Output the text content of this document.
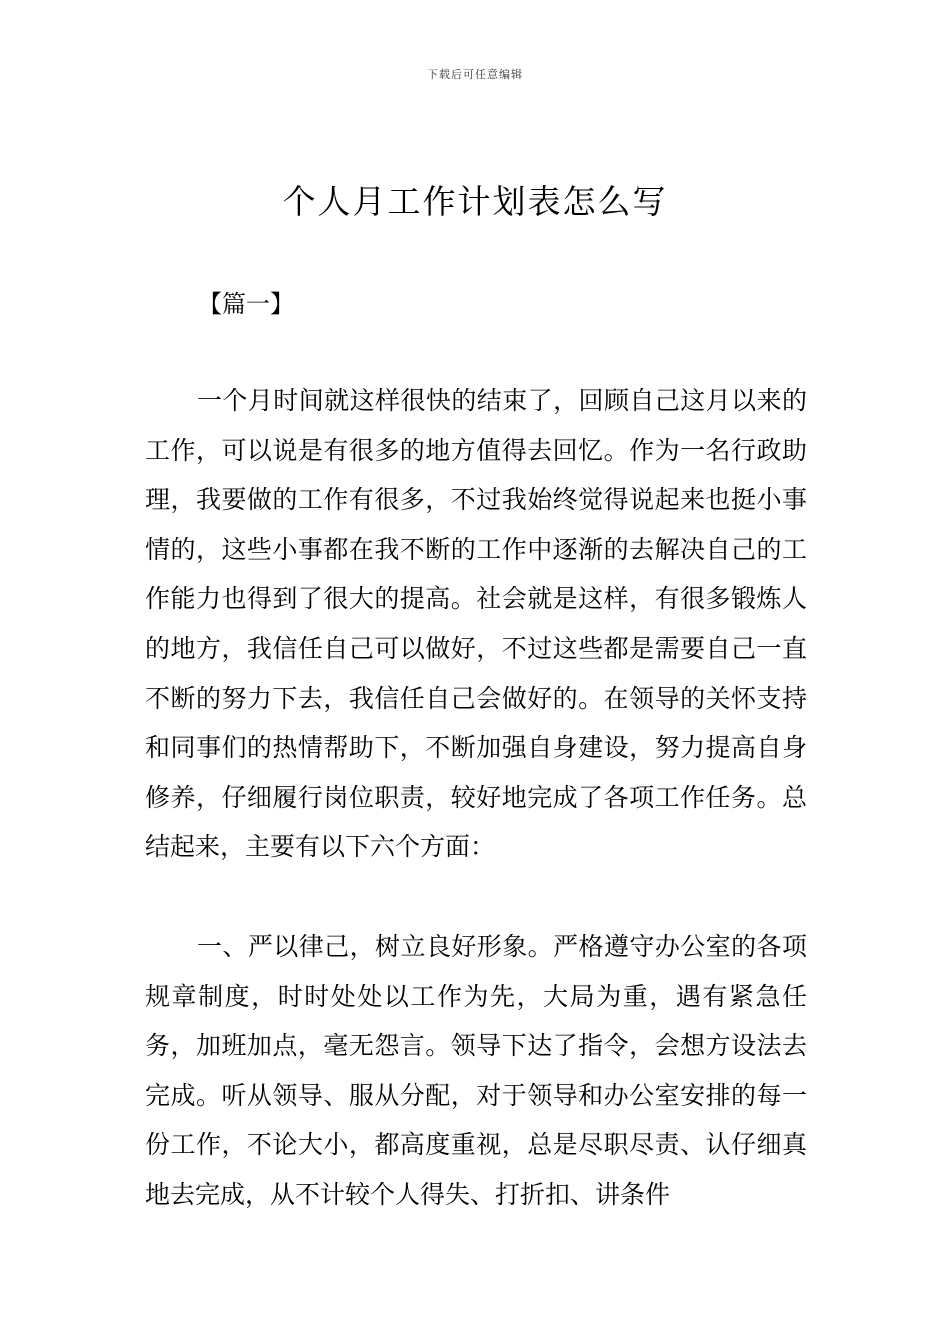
下载后可任意编辑
个人月工作计划表怎么写
【篇一】

一个月时间就这样很快的结束了，回顾自己这月以来的工作，可以说是有很多的地方值得去回忆。作为一名行政助理，我要做的工作有很多，不过我始终觉得说起来也挺小事情的，这些小事都在我不断的工作中逐渐的去解决自己的工作能力也得到了很大的提高。社会就是这样，有很多锻炼人的地方，我信任自己可以做好，不过这些都是需要自己一直不断的努力下去，我信任自己会做好的。在领导的关怀支持和同事们的热情帮助下，不断加强自身建设，努力提高自身修养，仔细履行岗位职责，较好地完成了各项工作任务。总结起来，主要有以下六个方面：

一、严以律己，树立良好形象。严格遵守办公室的各项规章制度，时时处处以工作为先，大局为重，遇有紧急任务，加班加点，毫无怨言。领导下达了指令，会想方设法去完成。听从领导、服从分配，对于领导和办公室安排的每一份工作，不论大小，都高度重视，总是尽职尽责、认仔细真地去完成，从不计较个人得失、打折扣、讲条件
